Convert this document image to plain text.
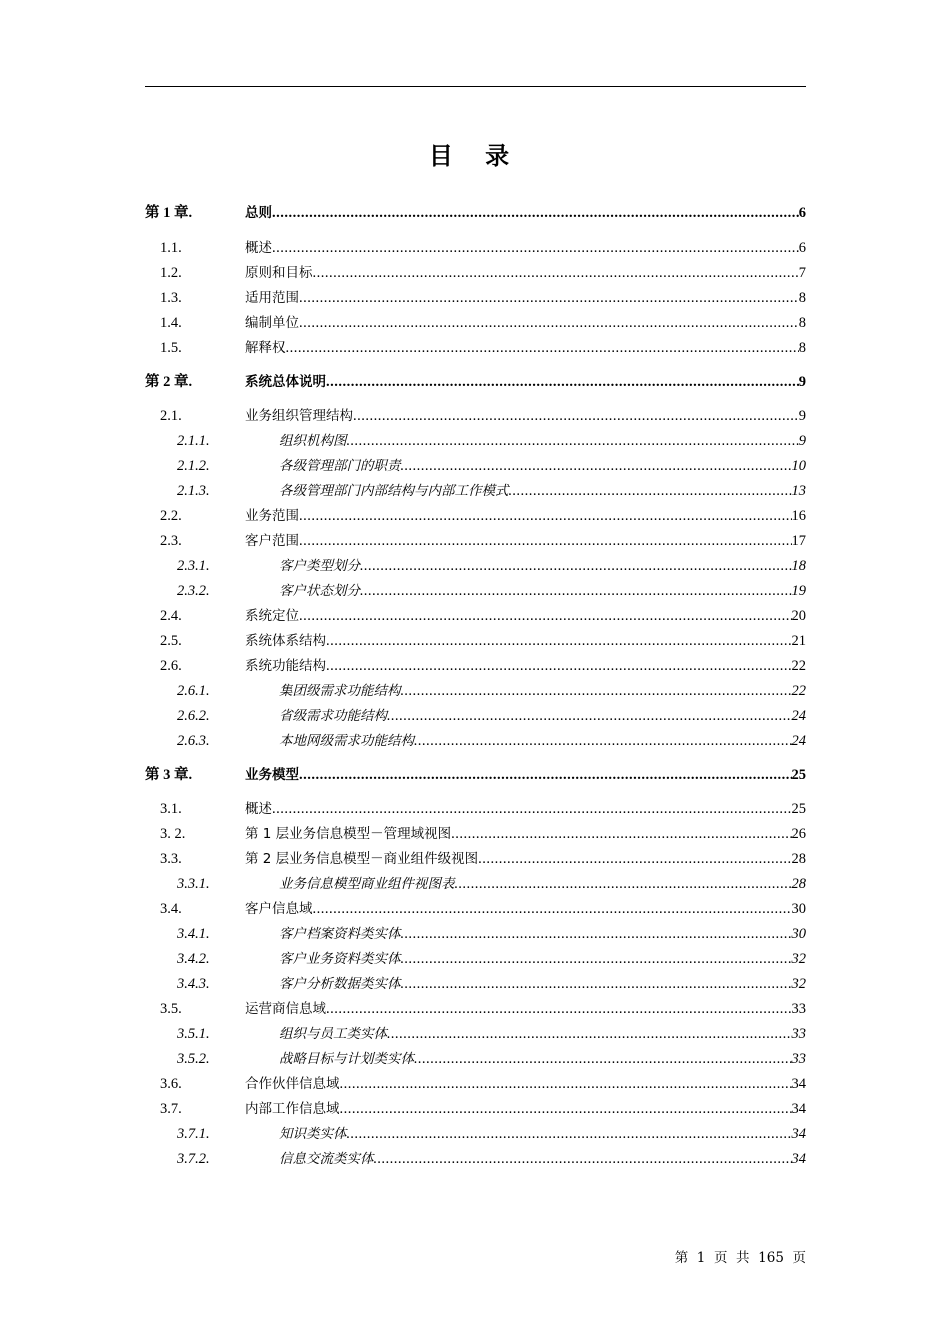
目 录
第 1 章.	总则 .....	6
1.1.	概述 .....	6
1.2.	原则和目标 .....	7
1.3.	适用范围 .....	8
1.4.	编制单位 .....	8
1.5.	解释权 .....	8
第 2 章.	系统总体说明 .....	9
2.1.	业务组织管理结构 .....	9
2.1.1.	组织机构图 .....	9
2.1.2.	各级管理部门的职责 .....	10
2.1.3.	各级管理部门内部结构与内部工作模式 .....	13
2.2.	业务范围 .....	16
2.3.	客户范围 .....	17
2.3.1.	客户类型划分 .....	18
2.3.2.	客户状态划分 .....	19
2.4.	系统定位 .....	20
2.5.	系统体系结构 .....	21
2.6.	系统功能结构 .....	22
2.6.1.	集团级需求功能结构 .....	22
2.6.2.	省级需求功能结构 .....	24
2.6.3.	本地网级需求功能结构 .....	24
第 3 章.	业务模型 .....	25
3.1.	概述 .....	25
3. 2.	第 1 层业务信息模型－管理域视图 .....	26
3.3.	第 2 层业务信息模型－商业组件级视图 .....	28
3.3.1.	业务信息模型商业组件视图表 .....	28
3.4.	客户信息域 .....	30
3.4.1.	客户档案资料类实体 .....	30
3.4.2.	客户业务资料类实体 .....	32
3.4.3.	客户分析数据类实体 .....	32
3.5.	运营商信息域 .....	33
3.5.1.	组织与员工类实体 .....	33
3.5.2.	战略目标与计划类实体 .....	33
3.6.	合作伙伴信息域 .....	34
3.7.	内部工作信息域 .....	34
3.7.1.	知识类实体 .....	34
3.7.2.	信息交流类实体 .....	34
第  1  页  共  165  页
